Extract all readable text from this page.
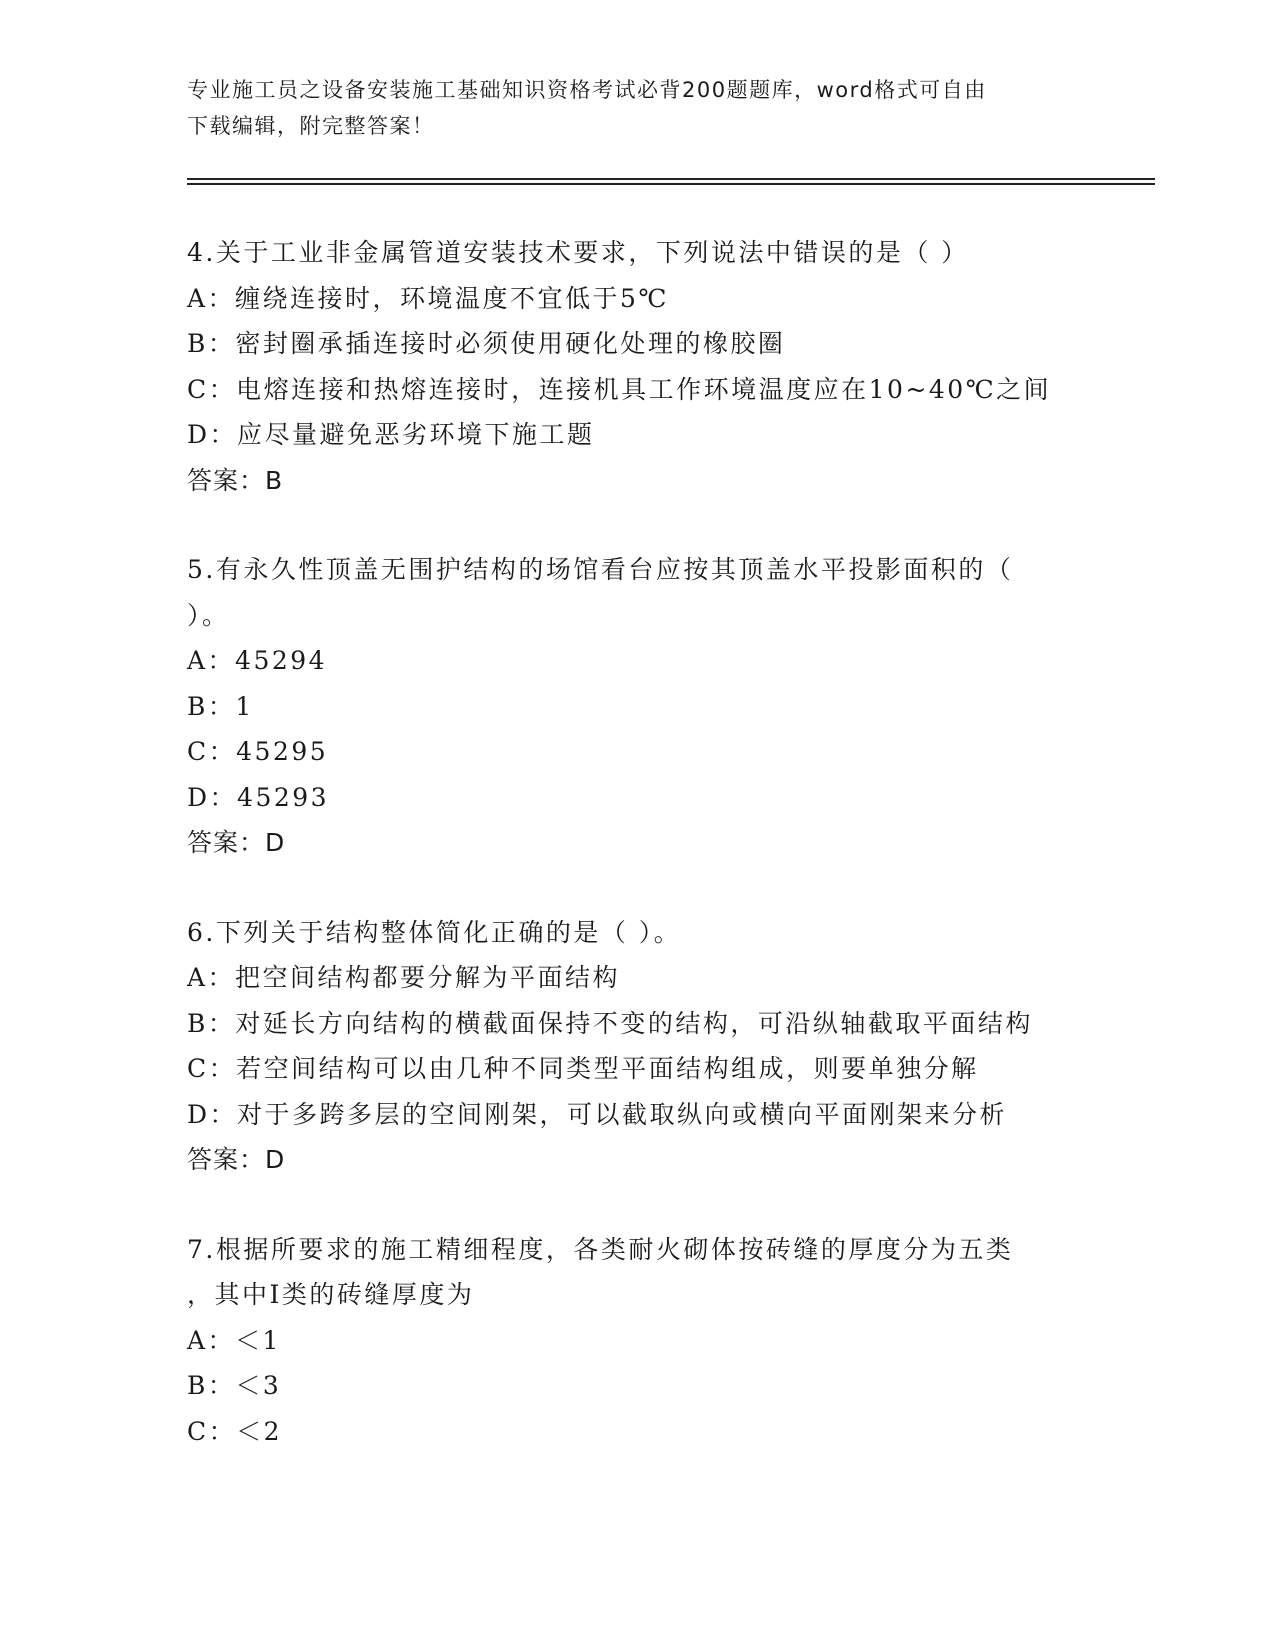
专业施工员之设备安装施工基础知识资格考试必背200题题库，word格式可自由
下载编辑，附完整答案！
4.关于工业非金属管道安装技术要求，下列说法中错误的是（ ）
A：缠绕连接时，环境温度不宜低于5℃
B：密封圈承插连接时必须使用硬化处理的橡胶圈
C：电熔连接和热熔连接时，连接机具工作环境温度应在10~40℃之间
D：应尽量避免恶劣环境下施工题
答案：B
5.有永久性顶盖无围护结构的场馆看台应按其顶盖水平投影面积的（
）。
A：45294
B：1
C：45295
D：45293
答案：D
6.下列关于结构整体简化正确的是（ ）。
A：把空间结构都要分解为平面结构
B：对延长方向结构的横截面保持不变的结构，可沿纵轴截取平面结构
C：若空间结构可以由几种不同类型平面结构组成，则要单独分解
D：对于多跨多层的空间刚架，可以截取纵向或横向平面刚架来分析
答案：D
7.根据所要求的施工精细程度，各类耐火砌体按砖缝的厚度分为五类
，其中Ⅰ类的砖缝厚度为
A：＜1
B：＜3
C：＜2
